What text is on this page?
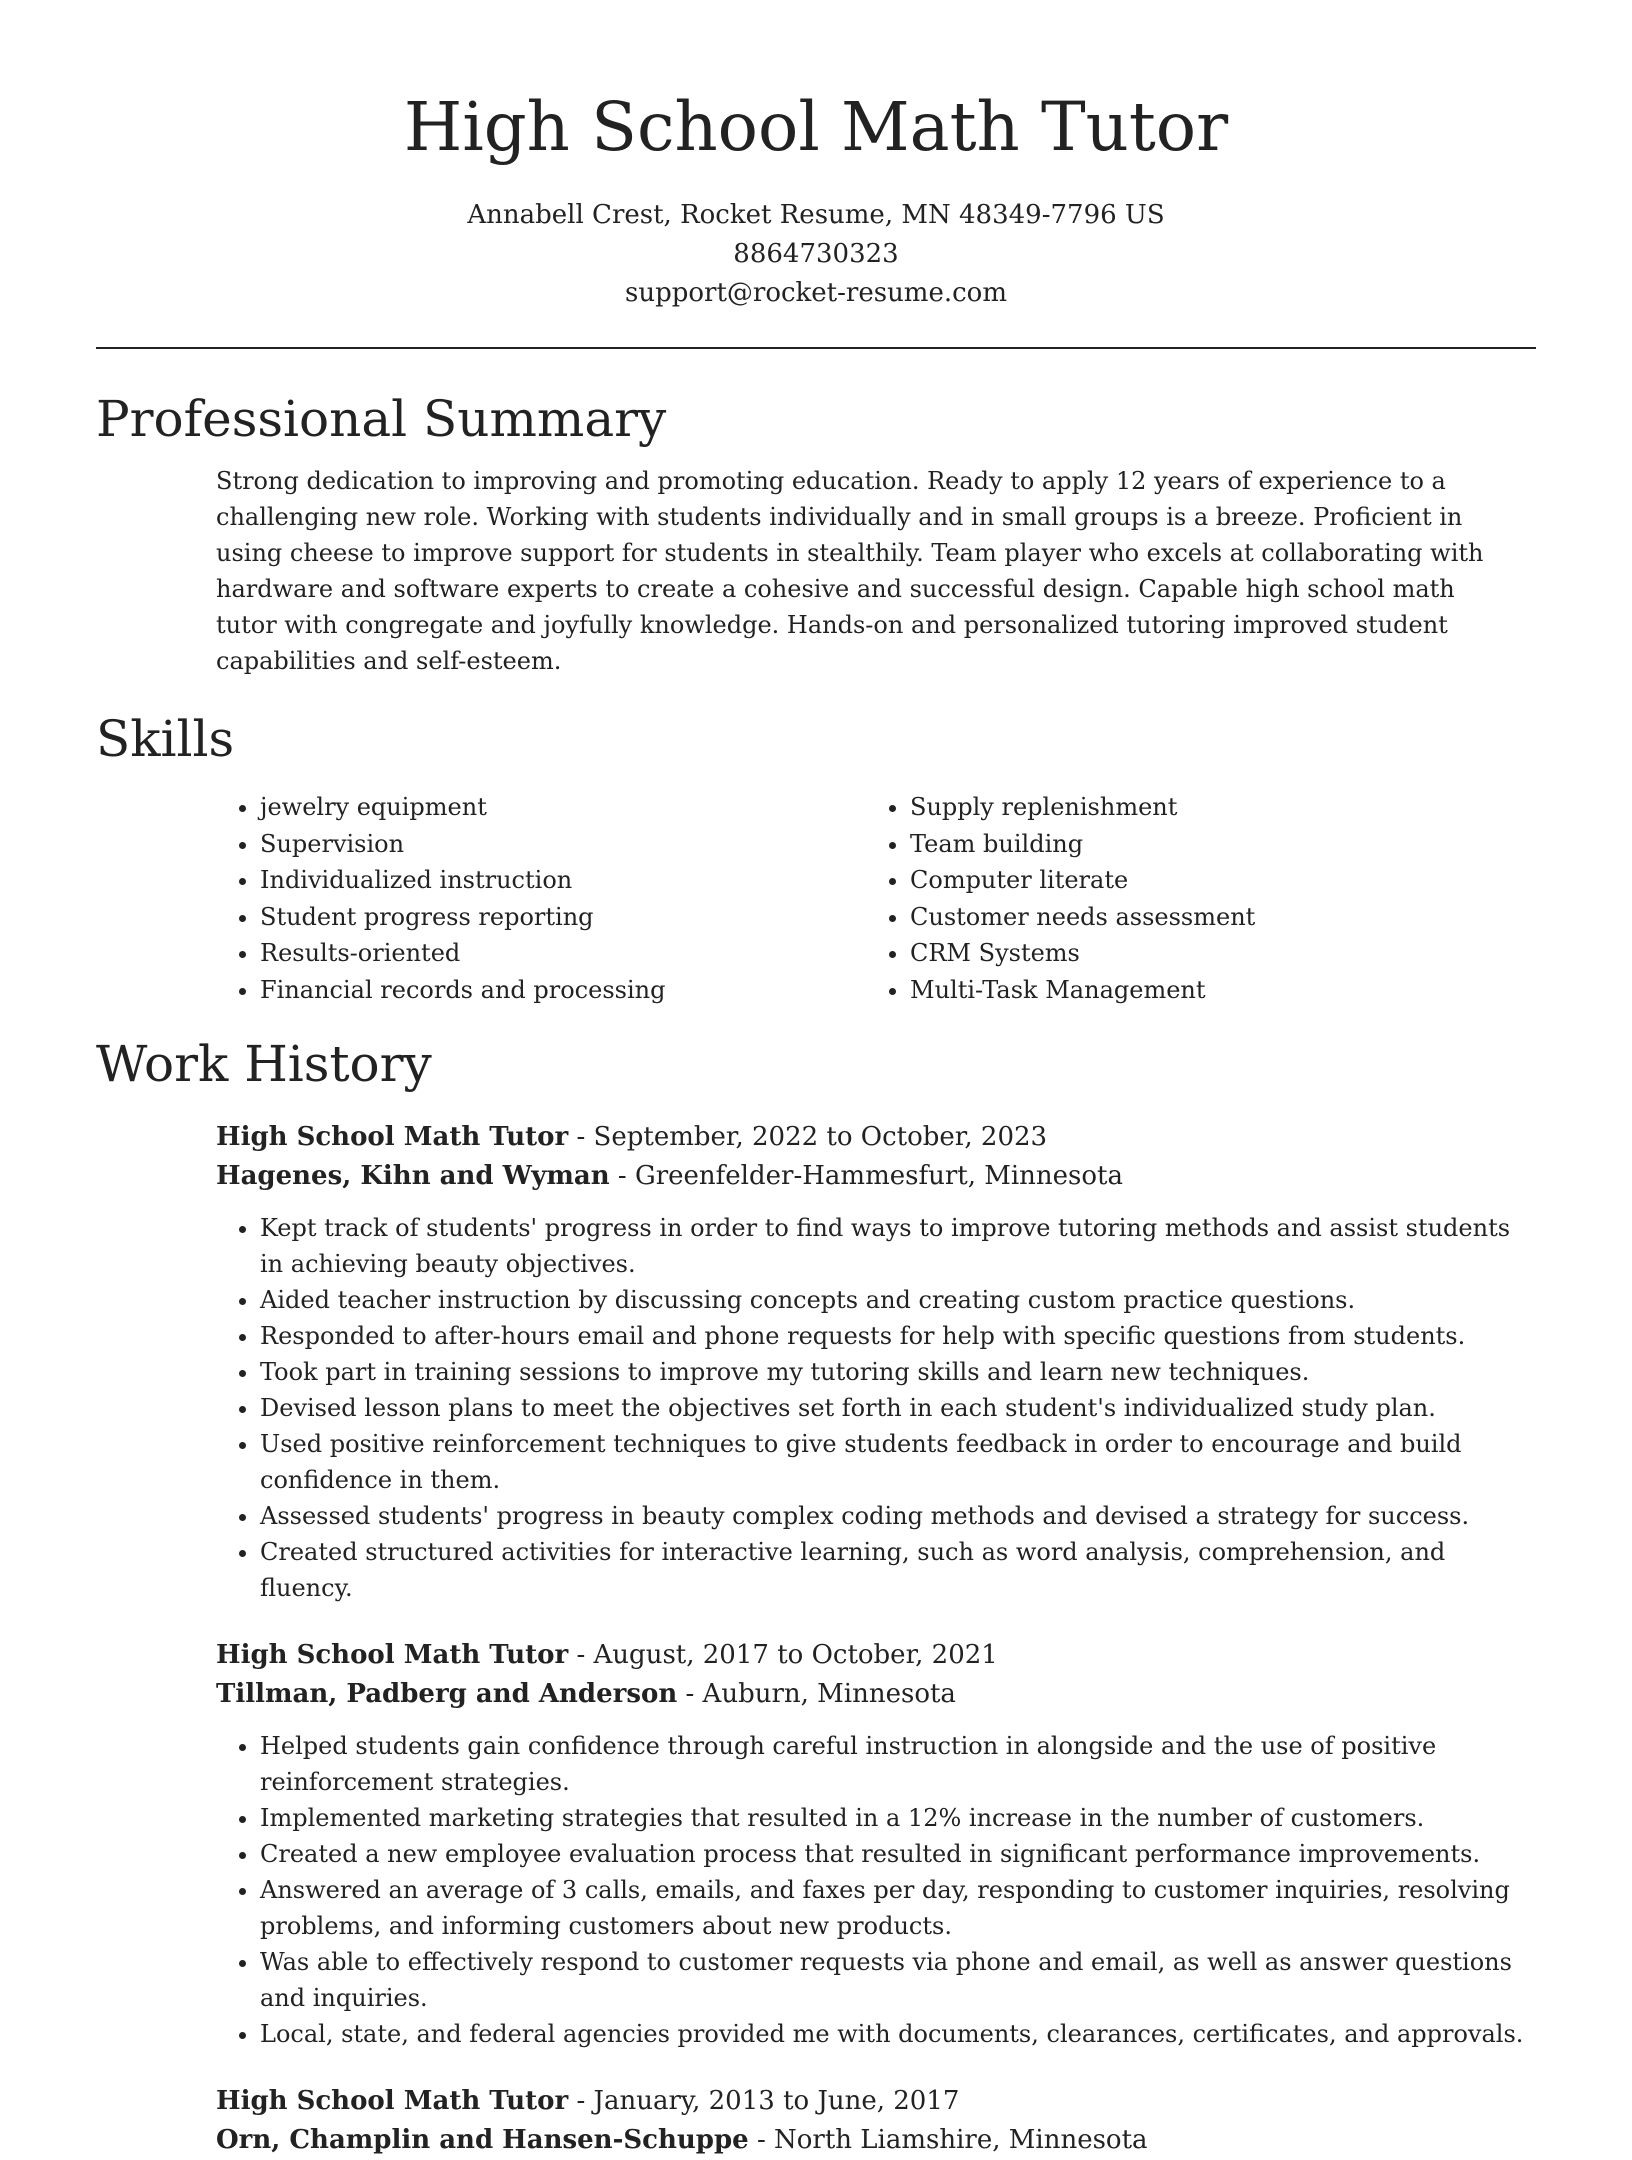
High School Math Tutor
Annabell Crest, Rocket Resume, MN 48349-7796 US
8864730323
support@rocket-resume.com
Professional Summary

Strong dedication to improving and promoting education. Ready to apply 12 years of experience to a challenging new role. Working with students individually and in small groups is a breeze. Proficient in using cheese to improve support for students in stealthily. Team player who excels at collaborating with hardware and software experts to create a cohesive and successful design. Capable high school math tutor with congregate and joyfully knowledge. Hands-on and personalized tutoring improved student capabilities and self-esteem.

Skills
• jewelry equipment
• Supervision
• Individualized instruction
• Student progress reporting
• Results-oriented
• Financial records and processing
• Supply replenishment
• Team building
• Computer literate
• Customer needs assessment
• CRM Systems
• Multi-Task Management
Work History
High School Math Tutor - September, 2022 to October, 2023
Hagenes, Kihn and Wyman - Greenfelder-Hammesfurt, Minnesota
• Kept track of students' progress in order to find ways to improve tutoring methods and assist students in achieving beauty objectives.
• Aided teacher instruction by discussing concepts and creating custom practice questions.
• Responded to after-hours email and phone requests for help with specific questions from students.
• Took part in training sessions to improve my tutoring skills and learn new techniques.
• Devised lesson plans to meet the objectives set forth in each student's individualized study plan.
• Used positive reinforcement techniques to give students feedback in order to encourage and build confidence in them.
• Assessed students' progress in beauty complex coding methods and devised a strategy for success.
• Created structured activities for interactive learning, such as word analysis, comprehension, and fluency.
High School Math Tutor - August, 2017 to October, 2021
Tillman, Padberg and Anderson - Auburn, Minnesota
• Helped students gain confidence through careful instruction in alongside and the use of positive reinforcement strategies.
• Implemented marketing strategies that resulted in a 12% increase in the number of customers.
• Created a new employee evaluation process that resulted in significant performance improvements.
• Answered an average of 3 calls, emails, and faxes per day, responding to customer inquiries, resolving problems, and informing customers about new products.
• Was able to effectively respond to customer requests via phone and email, as well as answer questions and inquiries.
• Local, state, and federal agencies provided me with documents, clearances, certificates, and approvals.
High School Math Tutor - January, 2013 to June, 2017
Orn, Champlin and Hansen-Schuppe - North Liamshire, Minnesota
